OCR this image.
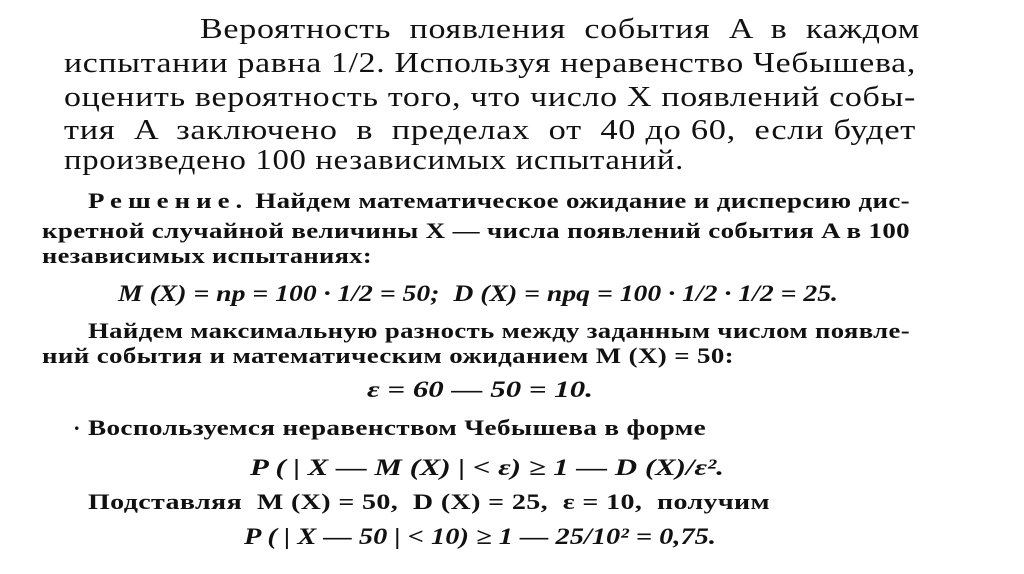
Вероятность  появления  события  A  в  каждом
испытании равна 1/2. Используя неравенство Чебышева,
оценить вероятность того, что число X появлений собы-
тия  A  заключено  в  пределах  от  40 до 60,  если будет
произведено 100 независимых испытаний.
Решение. Найдем математическое ожидание и дисперсию дис-
кретной случайной величины X — числа появлений события A в 100
независимых испытаниях:
M (X) = np = 100 · 1/2 = 50;  D (X) = npq = 100 · 1/2 · 1/2 = 25.
Найдем максимальную разность между заданным числом появле-
ний события и математическим ожиданием M (X) = 50:
ε = 60 — 50 = 10.
. Воспользуемся неравенством Чебышева в форме
P ( | X — M (X) | < ε) ≥ 1 — D (X)/ε².
Подставляя  M (X) = 50,  D (X) = 25,  ε = 10,  получим
P ( | X — 50 | < 10) ≥ 1 — 25/10² = 0,75.
